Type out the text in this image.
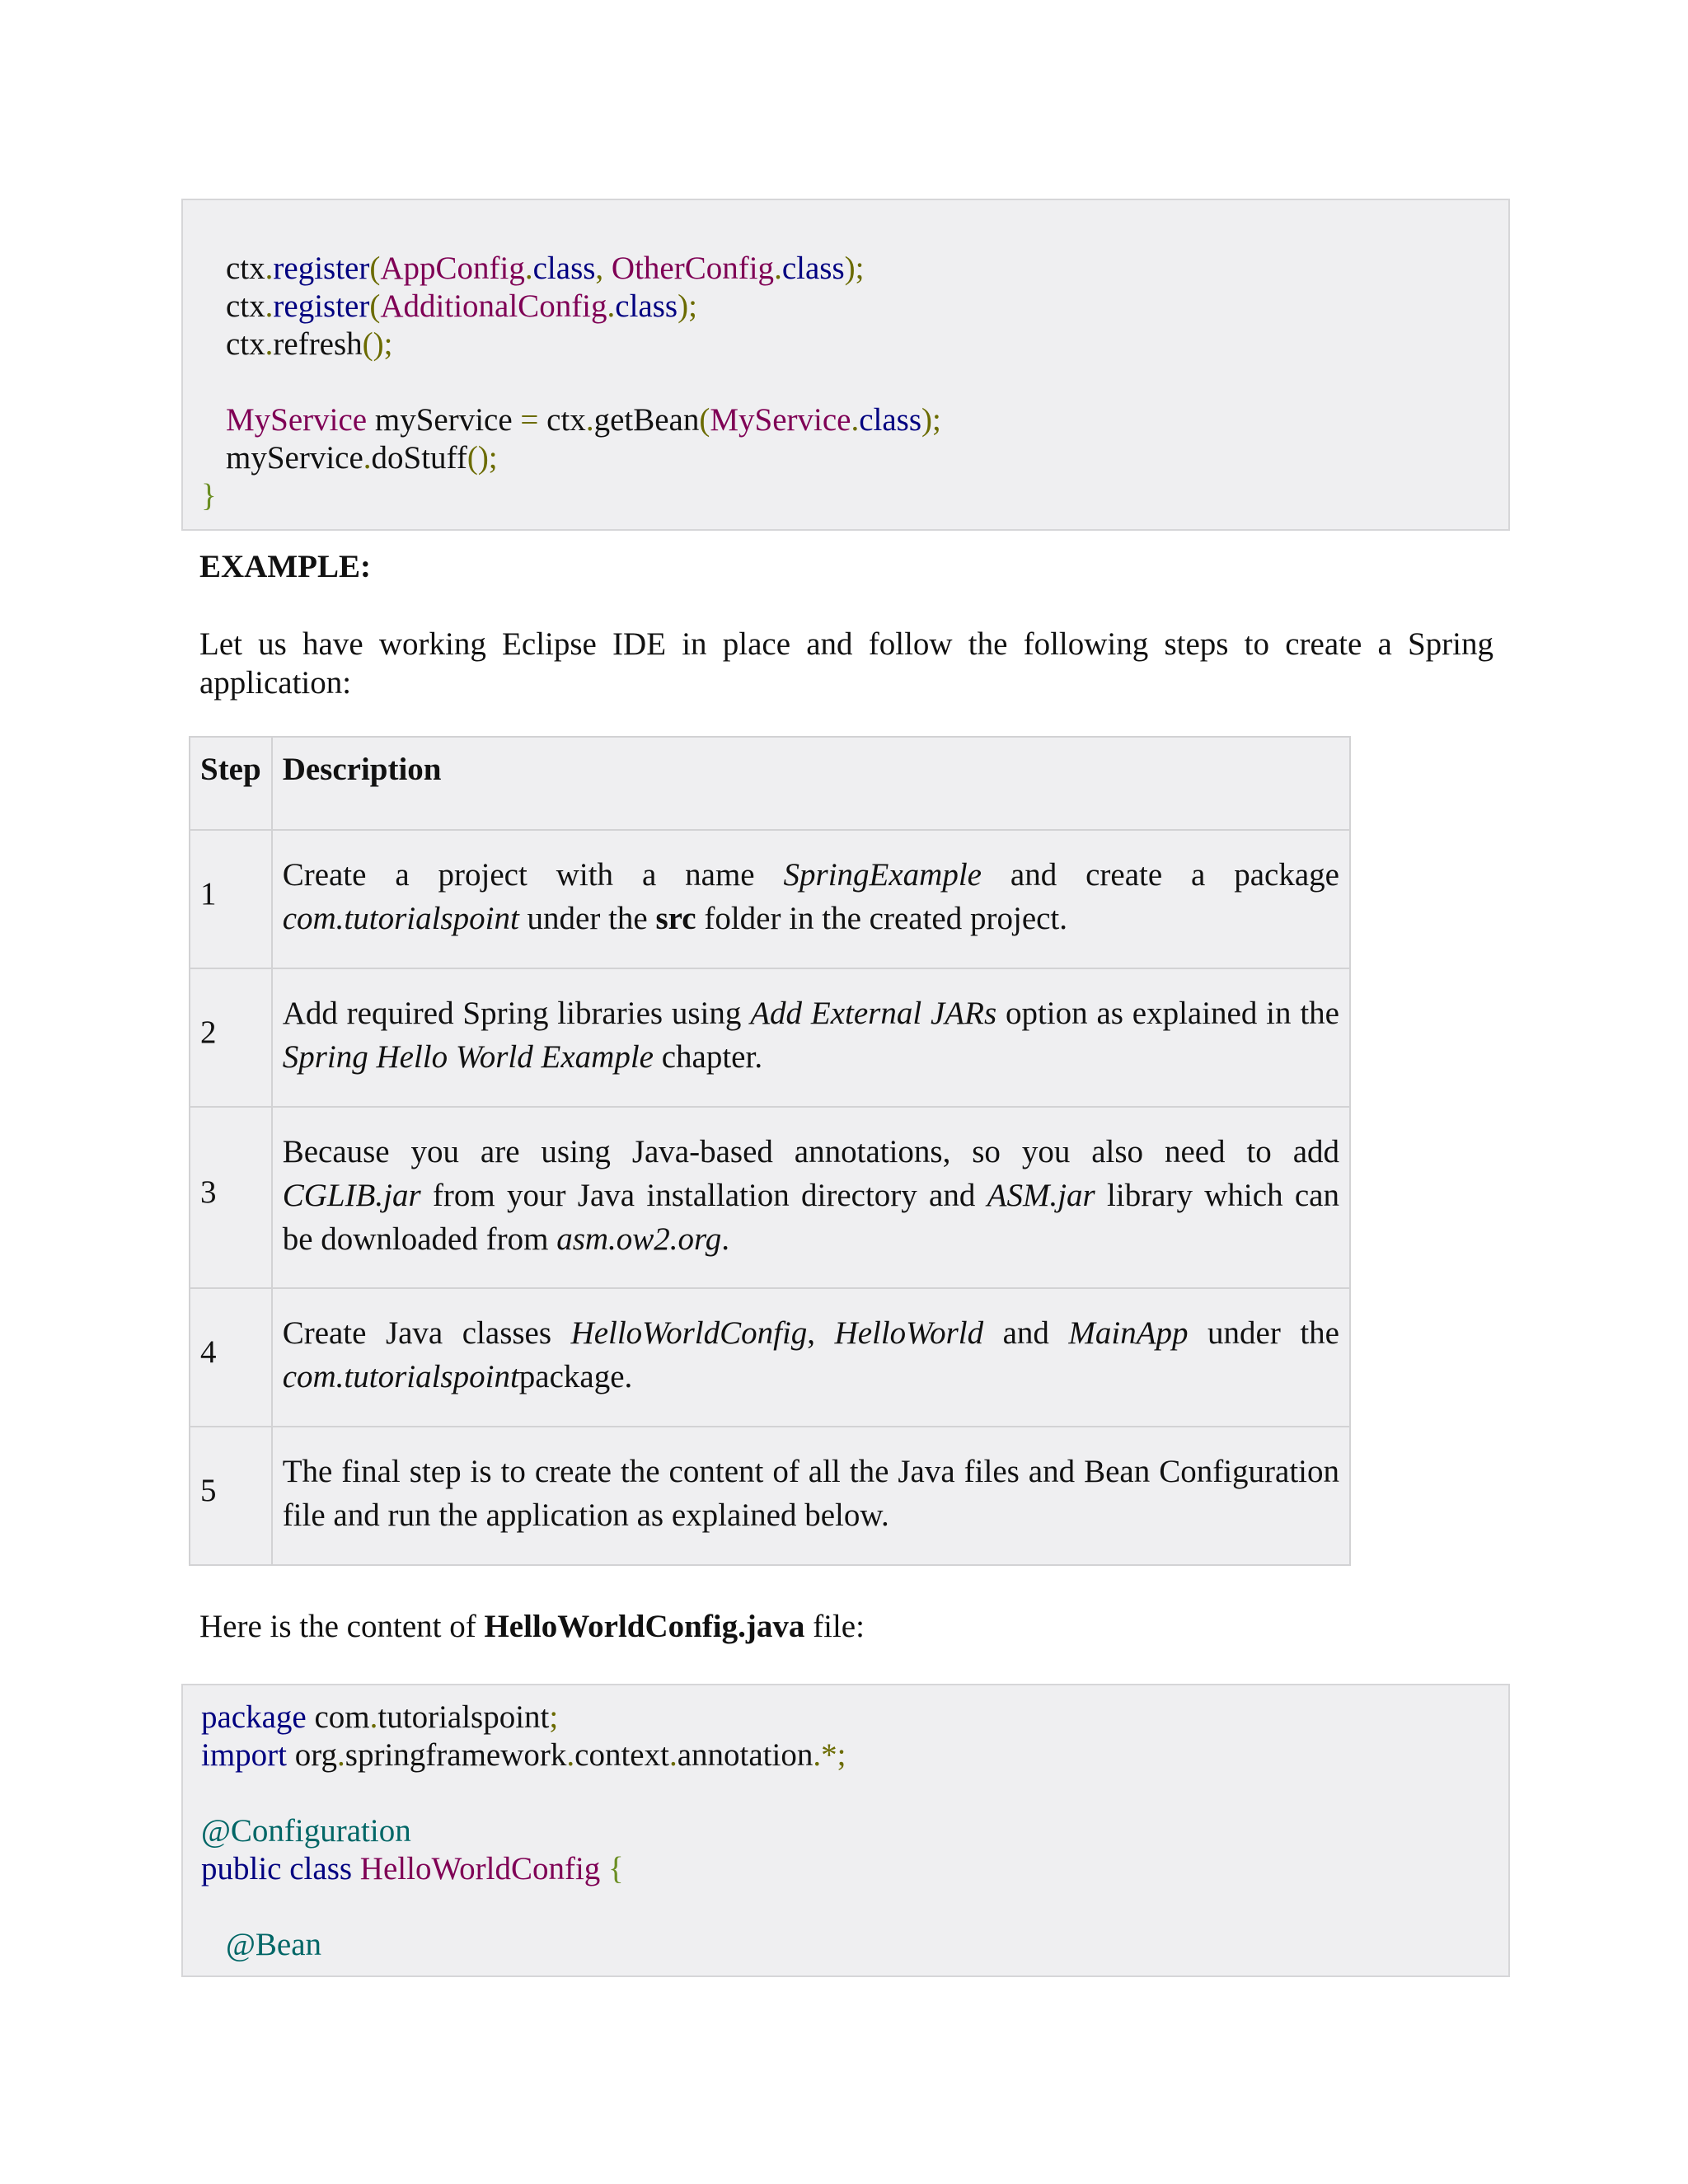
ctx.register(AppConfig.class, OtherConfig.class);
ctx.register(AdditionalConfig.class);
ctx.refresh();
MyService myService = ctx.getBean(MyService.class);
myService.doStuff();
}
EXAMPLE:

Let us have working Eclipse IDE in place and follow the following steps to create a Spring application:

Step	Description
1	Create a project with a name SpringExample and create a package com.tutorialspoint under the src folder in the created project.
2	Add required Spring libraries using Add External JARs option as explained in the Spring Hello World Example chapter.
3	Because you are using Java-based annotations, so you also need to add CGLIB.jar from your Java installation directory and ASM.jar library which can be downloaded from asm.ow2.org.
4	Create Java classes HelloWorldConfig, HelloWorld and MainApp under the com.tutorialspointpackage.
5	The final step is to create the content of all the Java files and Bean Configuration file and run the application as explained below.

Here is the content of HelloWorldConfig.java file:

package com.tutorialspoint;
import org.springframework.context.annotation.*;
@Configuration
public class HelloWorldConfig {
@Bean
